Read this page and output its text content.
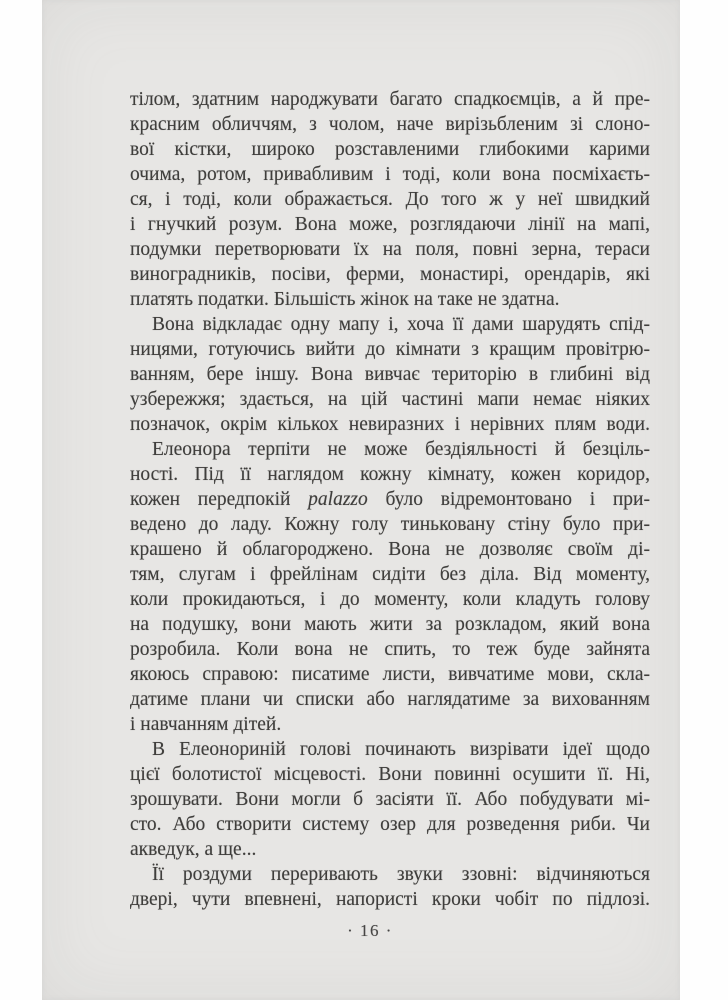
тілом, здатним народжувати багато спадкоємців, а й пре-
красним обличчям, з чолом, наче вирізьбленим зі слоно-
вої кістки, широко розставленими глибокими карими
очима, ротом, привабливим і тоді, коли вона посміхаєть-
ся, і тоді, коли ображається. До того ж у неї швидкий
і гнучкий розум. Вона може, розглядаючи лінії на мапі,
подумки перетворювати їх на поля, повні зерна, тераси
виноградників, посіви, ферми, монастирі, орендарів, які
платять податки. Більшість жінок на таке не здатна.
Вона відкладає одну мапу і, хоча її дами шарудять спід-
ницями, готуючись вийти до кімнати з кращим провітрю-
ванням, бере іншу. Вона вивчає територію в глибині від
узбережжя; здається, на цій частині мапи немає ніяких
позначок, окрім кількох невиразних і нерівних плям води.
Елеонора терпіти не може бездіяльності й безціль-
ності. Під її наглядом кожну кімнату, кожен коридор,
кожен передпокій palazzo було відремонтовано і при-
ведено до ладу. Кожну голу тиньковану стіну було при-
крашено й облагороджено. Вона не дозволяє своїм ді-
тям, слугам і фрейлінам сидіти без діла. Від моменту,
коли прокидаються, і до моменту, коли кладуть голову
на подушку, вони мають жити за розкладом, який вона
розробила. Коли вона не спить, то теж буде зайнята
якоюсь справою: писатиме листи, вивчатиме мови, скла-
датиме плани чи списки або наглядатиме за вихованням
і навчанням дітей.
В Елеонориній голові починають визрівати ідеї щодо
цієї болотистої місцевості. Вони повинні осушити її. Ні,
зрошувати. Вони могли б засіяти її. Або побудувати мі-
сто. Або створити систему озер для розведення риби. Чи
акведук, а ще...
Її роздуми переривають звуки ззовні: відчиняються
двері, чути впевнені, напористі кроки чобіт по підлозі.
· 16 ·
